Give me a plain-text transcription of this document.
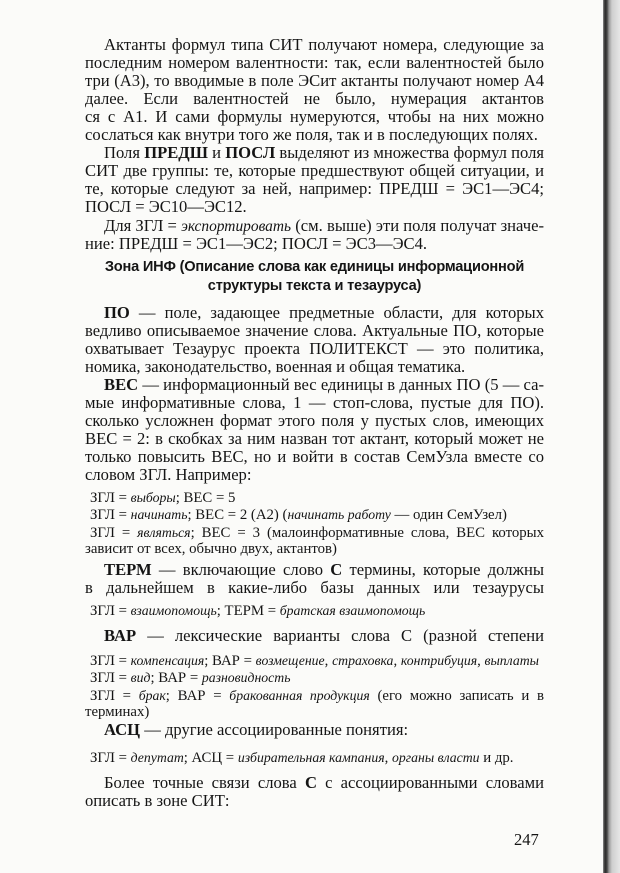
Актанты формул типа СИТ получают номера, следующие за
последним номером валентности: так, если валентностей было
три (А3), то вводимые в поле ЭСит актанты получают номер А4
далее. Если валентностей не было, нумерация актантов
ся с А1. И сами формулы нумеруются, чтобы на них можно
сослаться как внутри того же поля, так и в последующих полях.
Поля ПРЕДШ и ПОСЛ выделяют из множества формул поля
СИТ две группы: те, которые предшествуют общей ситуации, и
те, которые следуют за ней, например: ПРЕДШ = ЭС1—ЭС4;
ПОСЛ = ЭС10—ЭС12.
Для ЗГЛ = экспортировать (см. выше) эти поля получат значе-
ние: ПРЕДШ = ЭС1—ЭС2; ПОСЛ = ЭС3—ЭС4.
Зона ИНФ (Описание слова как единицы информационной
структуры текста и тезауруса)
ПО — поле, задающее предметные области, для которых
ведливо описываемое значение слова. Актуальные ПО, которые
охватывает Тезаурус проекта ПОЛИТЕКСТ — это политика,
номика, законодательство, военная и общая тематика.
ВЕС — информационный вес единицы в данных ПО (5 — са-
мые информативные слова, 1 — стоп-слова, пустые для ПО).
сколько усложнен формат этого поля у пустых слов, имеющих
ВЕС = 2: в скобках за ним назван тот актант, который может не
только повысить ВЕС, но и войти в состав СемУзла вместе со
словом ЗГЛ. Например:
ЗГЛ = выборы; ВЕС = 5
ЗГЛ = начинать; ВЕС = 2 (А2) (начинать работу — один СемУзел)
ЗГЛ = являться; ВЕС = 3 (малоинформативные слова, ВЕС которых
зависит от всех, обычно двух, актантов)
ТЕРМ — включающие слово С термины, которые должны
в дальнейшем в какие-либо базы данных или тезаурусы
ЗГЛ = взаимопомощь; ТЕРМ = братская взаимопомощь
ВАР — лексические варианты слова С (разной степени
ЗГЛ = компенсация; ВАР = возмещение, страховка, контрибуция, выплаты
ЗГЛ = вид; ВАР = разновидность
ЗГЛ = брак; ВАР = бракованная продукция (его можно записать и в
терминах)
АСЦ — другие ассоциированные понятия:
ЗГЛ = депутат; АСЦ = избирательная кампания, органы власти и др.
Более точные связи слова С с ассоциированными словами
описать в зоне СИТ:
247
